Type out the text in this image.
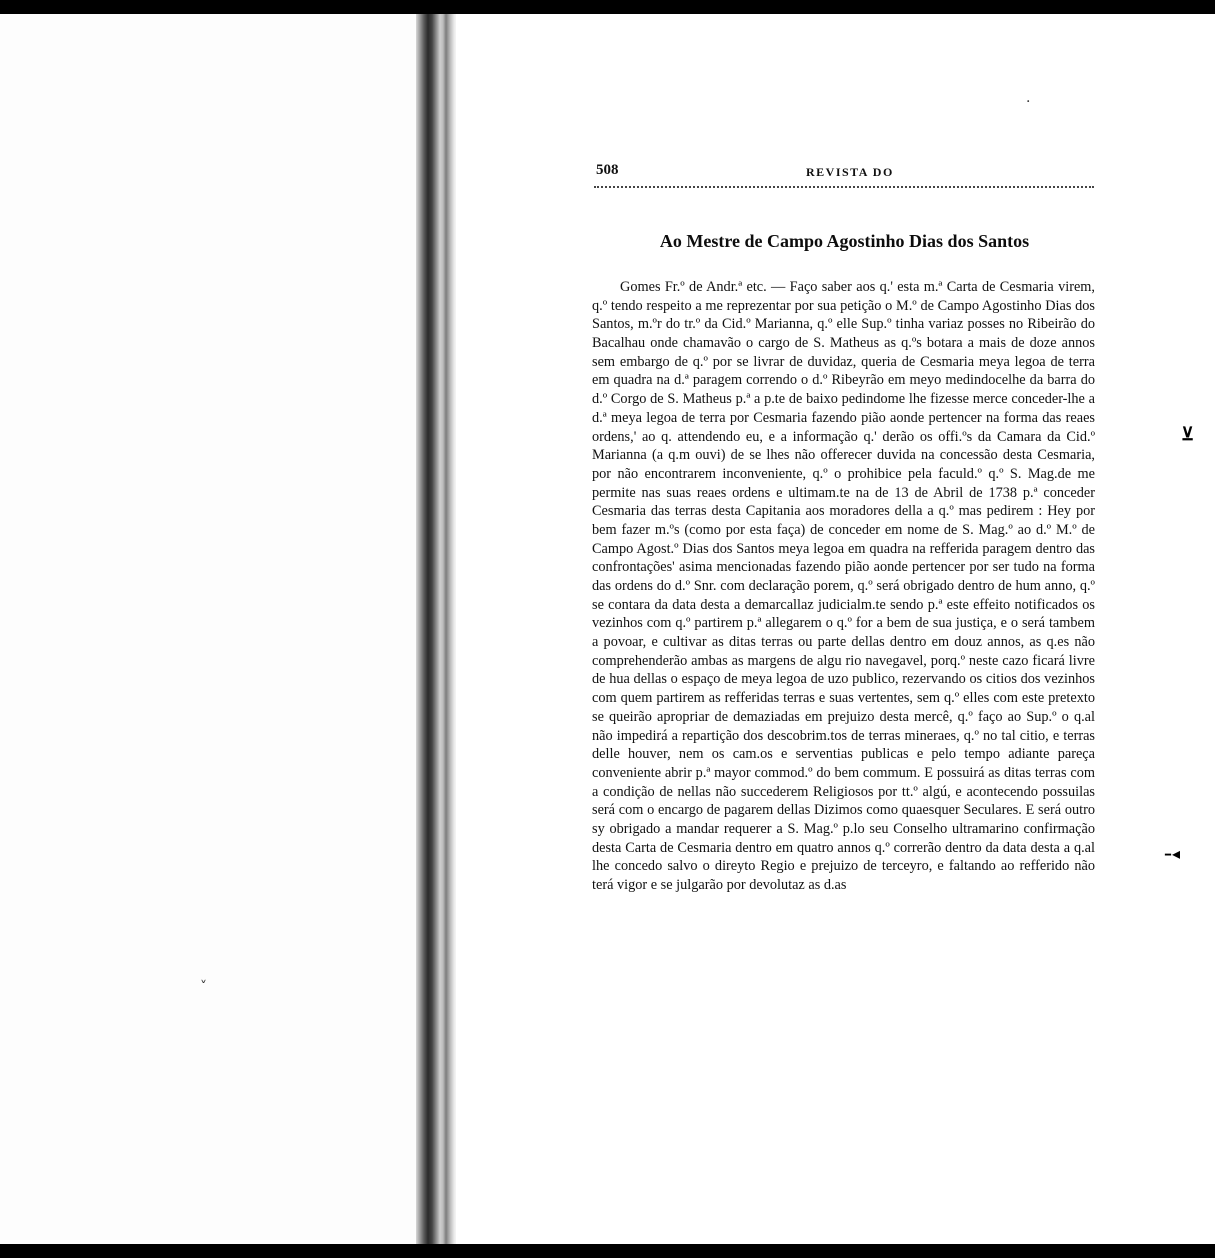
˅
508	REVISTA DO
Ao Mestre de Campo Agostinho Dias dos Santos
Gomes Fr.º de Andr.ª etc. — Faço saber aos q.' esta m.ª Carta de Cesmaria virem, q.º tendo respeito a me reprezentar por sua petição o M.º de Campo Agostinho Dias dos Santos, m.ºr do tr.º da Cid.º Marianna, q.º elle Sup.º tinha variaz posses no Ribeirão do Bacalhau onde chamavão o cargo de S. Matheus as q.ºs botara a mais de doze annos sem embargo de q.º por se livrar de duvidaz, queria de Cesmaria meya legoa de terra em quadra na d.ª paragem correndo o d.º Ribeyrão em meyo medindocelhe da barra do d.º Corgo de S. Matheus p.ª a p.te de baixo pedindome lhe fizesse merce conceder-lhe a d.ª meya legoa de terra por Cesmaria fazendo pião aonde pertencer na forma das reaes ordens,' ao q. attendendo eu, e a informação q.' derão os offi.ºs da Camara da Cid.º Marianna (a q.m ouvi) de se lhes não offerecer duvida na concessão desta Cesmaria, por não encontrarem inconveniente, q.º o prohibice pela faculd.º q.º S. Mag.de me permite nas suas reaes ordens e ultimam.te na de 13 de Abril de 1738 p.ª conceder Cesmaria das terras desta Capitania aos moradores della a q.º mas pedirem : Hey por bem fazer m.ºs (como por esta faça) de conceder em nome de S. Mag.º ao d.º M.º de Campo Agost.º Dias dos Santos meya legoa em quadra na refferida paragem dentro das confrontações' asima mencionadas fazendo pião aonde pertencer por ser tudo na forma das ordens do d.º Snr. com declaração porem, q.º será obrigado dentro de hum anno, q.º se contara da data desta a demarcallaz judicialm.te sendo p.ª este effeito notificados os vezinhos com q.º partirem p.ª allegarem o q.º for a bem de sua justiça, e o será tambem a povoar, e cultivar as ditas terras ou parte dellas dentro em douz annos, as q.es não comprehenderão ambas as margens de algu rio navegavel, porq.º neste cazo ficará livre de hua dellas o espaço de meya legoa de uzo publico, rezervando os citios dos vezinhos com quem partirem as refferidas terras e suas vertentes, sem q.º elles com este pretexto se queirão apropriar de demaziadas em prejuizo desta mercê, q.º faço ao Sup.º o q.al não impedirá a repartição dos descobrim.tos de terras mineraes, q.º no tal citio, e terras delle houver, nem os cam.os e serventias publicas e pelo tempo adiante pareça conveniente abrir p.ª mayor commod.º do bem commum. E possuirá as ditas terras com a condição de nellas não succederem Religiosos por tt.º algú, e acontecendo possuilas será com o encargo de pagarem dellas Dizimos como quaesquer Seculares. E será outro sy obrigado a mandar requerer a S. Mag.º p.lo seu Conselho ultramarino confirmação desta Carta de Cesmaria dentro em quatro annos q.º correrão dentro da data desta a q.al lhe concedo salvo o direyto Regio e prejuizo de terceyro, e faltando ao refferido não terá vigor e se julgarão por devolutaz as d.as
⊻
–◂
·
